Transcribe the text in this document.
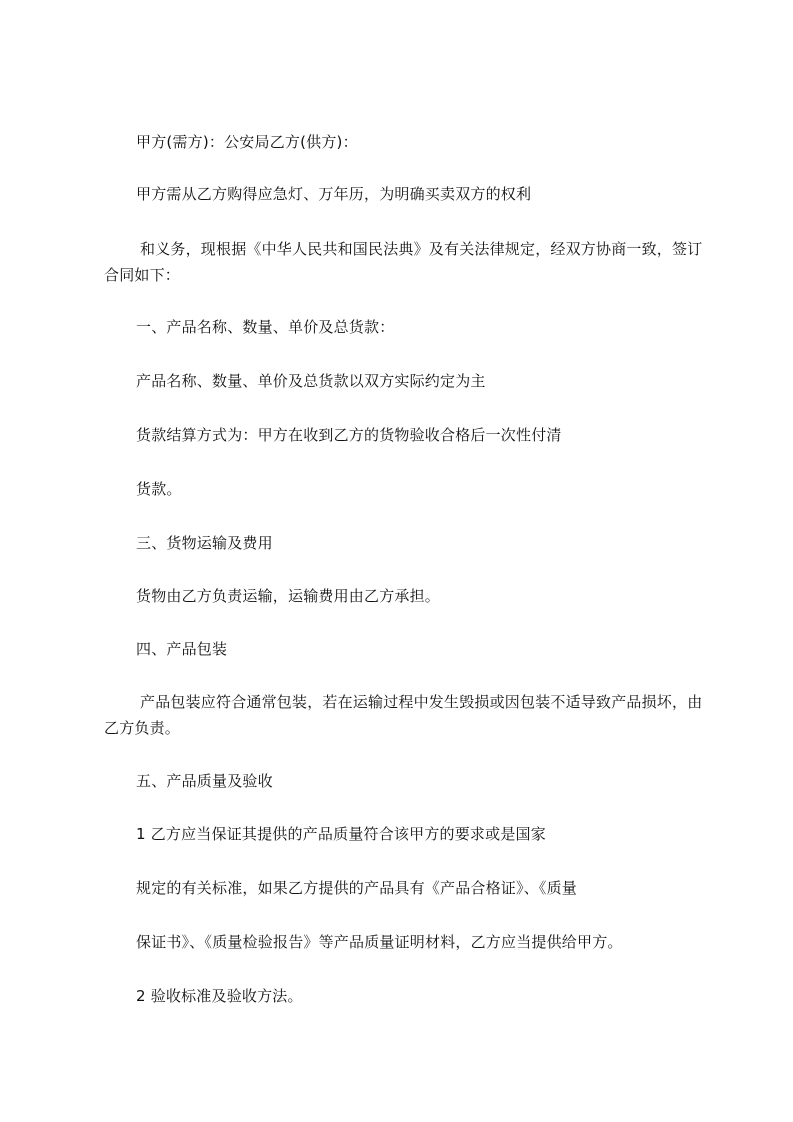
甲方(需方)：公安局乙方(供方)：
甲方需从乙方购得应急灯、万年历，为明确买卖双方的权利
和义务，现根据《中华人民共和国民法典》及有关法律规定，经双方协商一致，签订合同如下：
一、产品名称、数量、单价及总货款：
产品名称、数量、单价及总货款以双方实际约定为主
货款结算方式为：甲方在收到乙方的货物验收合格后一次性付清
货款。
三、货物运输及费用
货物由乙方负责运输，运输费用由乙方承担。
四、产品包装
产品包装应符合通常包装，若在运输过程中发生毁损或因包装不适导致产品损坏，由乙方负责。
五、产品质量及验收
1 乙方应当保证其提供的产品质量符合该甲方的要求或是国家
规定的有关标准，如果乙方提供的产品具有《产品合格证》、《质量
保证书》、《质量检验报告》等产品质量证明材料，乙方应当提供给甲方。
2 验收标准及验收方法。
